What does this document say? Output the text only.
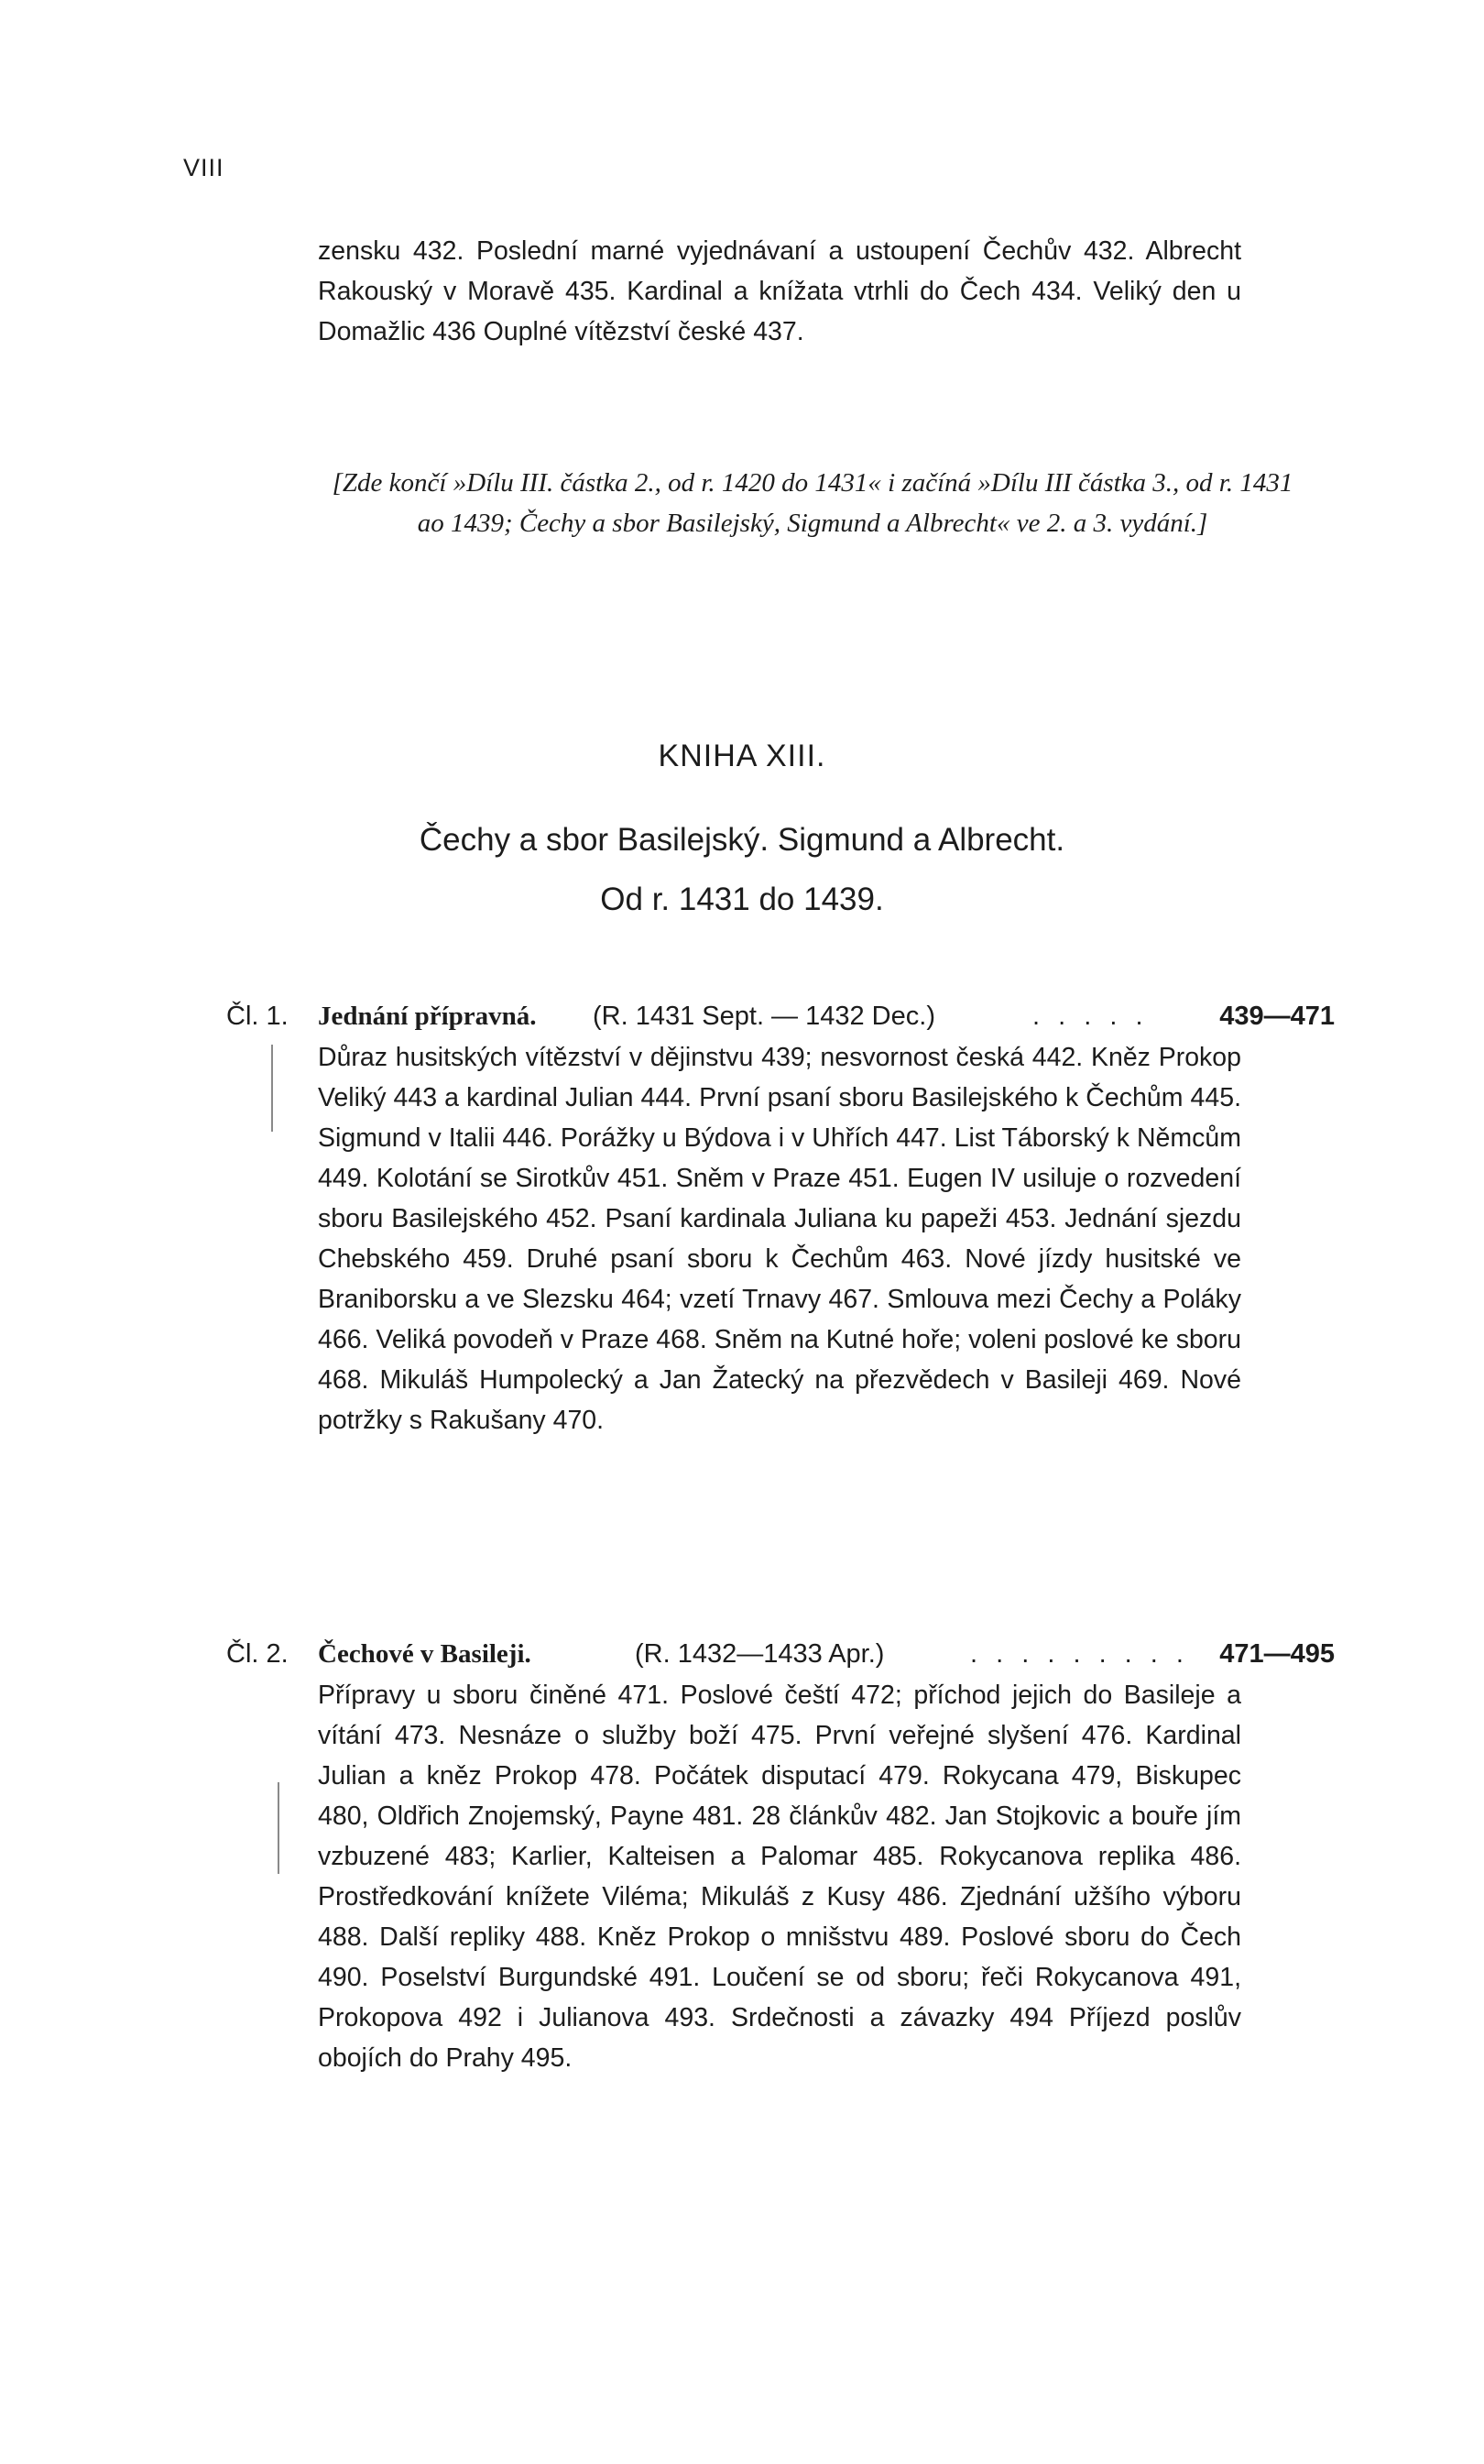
VIII
zensku 432. Poslední marné vyjednávaní a ustoupení Čechův 432. Albrecht Rakouský v Moravě 435. Kardinal a knížata vtrhli do Čech 434. Veliký den u Domažlic 436 Ouplné vítězství české 437.
[Zde končí »Dílu III. částka 2., od r. 1420 do 1431« i začíná »Dílu III částka 3., od r. 1431 ao 1439; Čechy a sbor Basilejský, Sigmund a Albrecht« ve 2. a 3. vydání.]
KNIHA XIII.
Čechy a sbor Basilejský. Sigmund a Albrecht.
Od r. 1431 do 1439.
Čl. 1. Jednání přípravná. (R. 1431 Sept. — 1432 Dec.)	. . . . .	439—471
Důraz husitských vítězství v dějinstvu 439; nesvornost česká 442. Kněz Prokop Veliký 443 a kardinal Julian 444. První psaní sboru Basilejského k Čechům 445. Sigmund v Italii 446. Porážky u Býdova i v Uhřích 447. List Táborský k Němcům 449. Kolotání se Sirotkův 451. Sněm v Praze 451. Eugen IV usiluje o rozvedení sboru Basilejského 452. Psaní kardinala Juliana ku papeži 453. Jednání sjezdu Chebského 459. Druhé psaní sboru k Čechům 463. Nové jízdy husitské ve Braniborsku a ve Slezsku 464; vzetí Trnavy 467. Smlouva mezi Čechy a Poláky 466. Veliká povodeň v Praze 468. Sněm na Kutné hoře; voleni poslové ke sboru 468. Mikuláš Humpolecký a Jan Žatecký na přezvědech v Basileji 469. Nové potržky s Rakušany 470.
Čl. 2. Čechové v Basileji.	(R. 1432—1433 Apr.)	. . . . . . . . .	471—495
Přípravy u sboru činěné 471. Poslové čeští 472; příchod jejich do Basileje a vítání 473. Nesnáze o služby boží 475. První veřejné slyšení 476. Kardinal Julian a kněz Prokop 478. Počátek disputací 479. Rokycana 479, Biskupec 480, Oldřich Znojemský, Payne 481. 28 článkův 482. Jan Stojkovic a bouře jím vzbuzené 483; Karlier, Kalteisen a Palomar 485. Rokycanova replika 486. Prostředkování knížete Viléma; Mikuláš z Kusy 486. Zjednání užšího výboru 488. Další repliky 488. Kněz Prokop o mnišstvu 489. Poslové sboru do Čech 490. Poselství Burgundské 491. Loučení se od sboru; řeči Rokycanova 491, Prokopova 492 i Julianova 493. Srdečnosti a závazky 494 Příjezd poslův obojích do Prahy 495.
